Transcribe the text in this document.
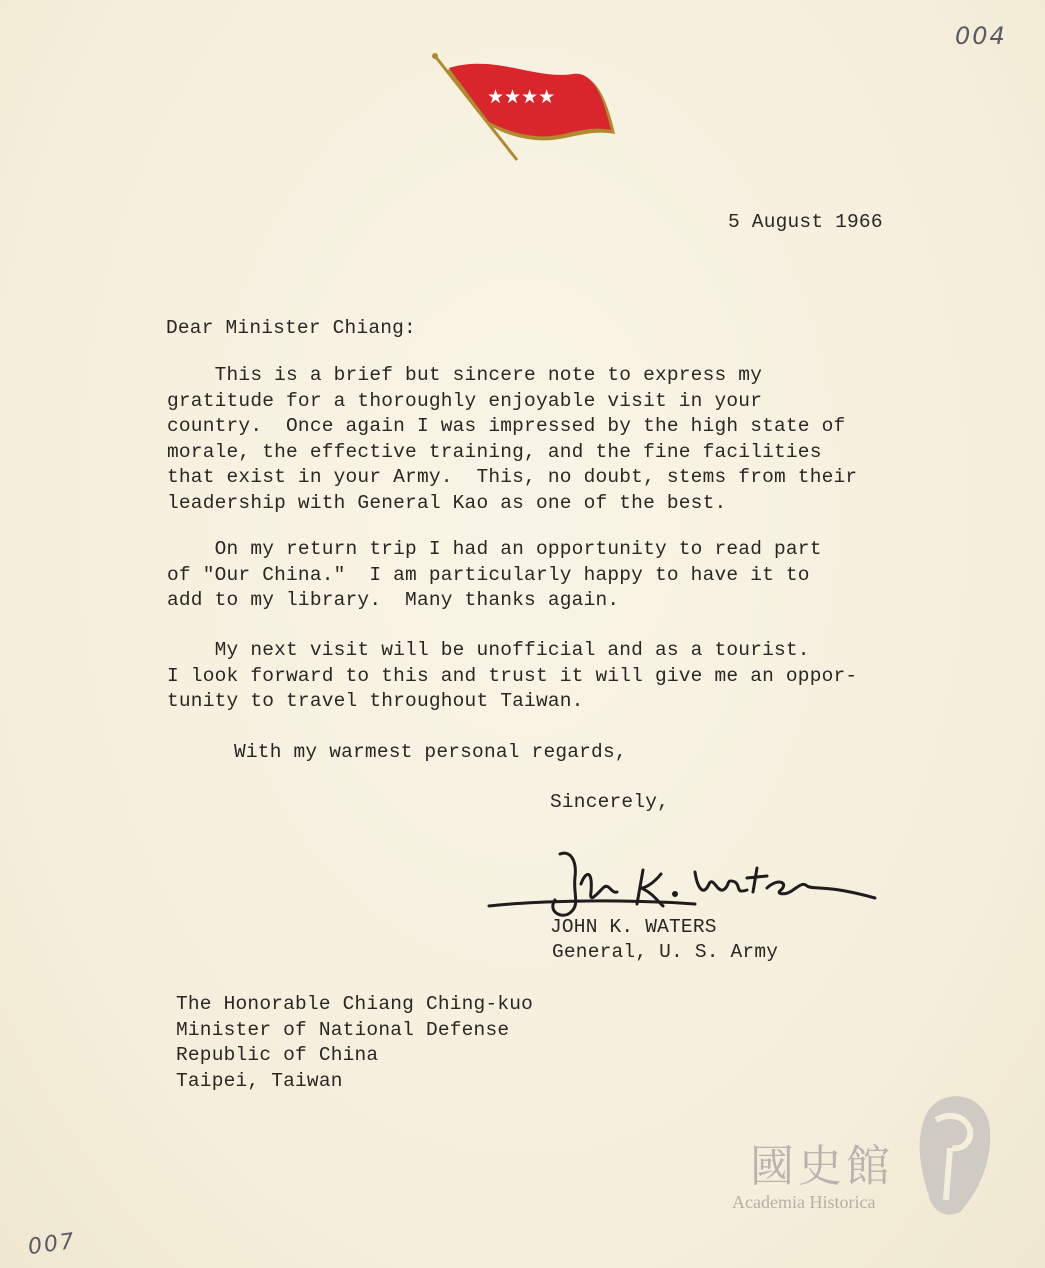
004
★★★★
5 August 1966
Dear Minister Chiang:
This is a brief but sincere note to express my
gratitude for a thoroughly enjoyable visit in your
country.  Once again I was impressed by the high state of
morale, the effective training, and the fine facilities
that exist in your Army.  This, no doubt, stems from their
leadership with General Kao as one of the best.
On my return trip I had an opportunity to read part
of "Our China."  I am particularly happy to have it to
add to my library.  Many thanks again.
My next visit will be unofficial and as a tourist.
I look forward to this and trust it will give me an oppor-
tunity to travel throughout Taiwan.
With my warmest personal regards,
Sincerely,
JOHN K. WATERS
General, U. S. Army
The Honorable Chiang Ching-kuo
Minister of National Defense
Republic of China
Taipei, Taiwan
國史館
Academia Historica
007
